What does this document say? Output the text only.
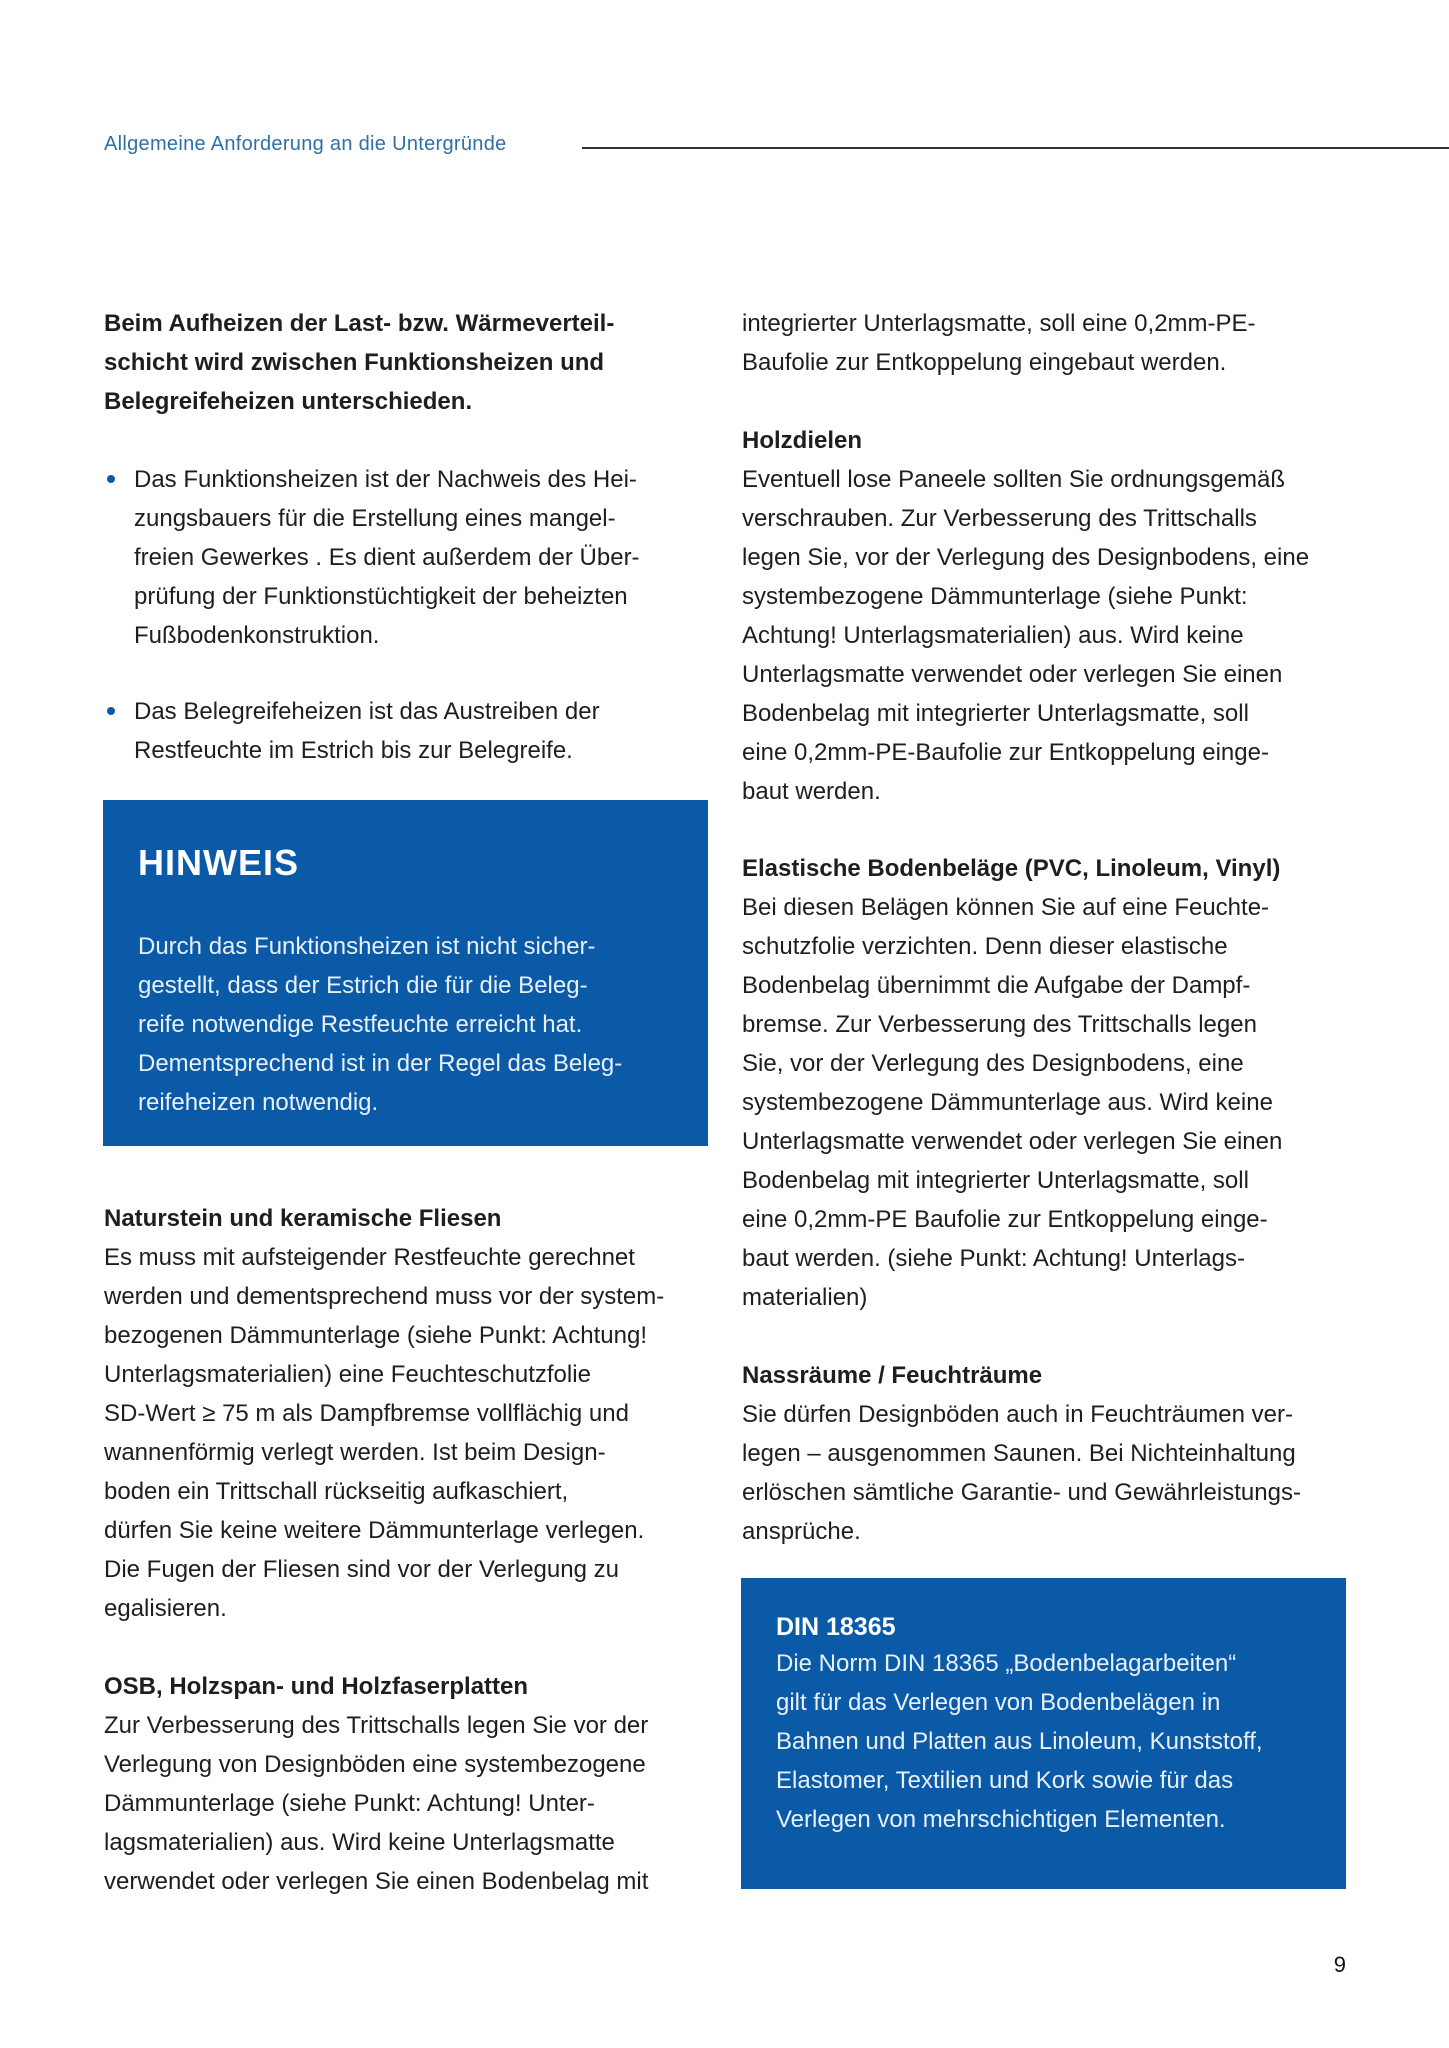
Allgemeine Anforderung an die Untergründe
Beim Aufheizen der Last- bzw. Wärmeverteil-
schicht wird zwischen Funktionsheizen und
Belegreifeheizen unterschieden.
Das Funktionsheizen ist der Nachweis des Hei-
zungsbauers für die Erstellung eines mangel-
freien Gewerkes . Es dient außerdem der Über-
prüfung der Funktionstüchtigkeit der beheizten
Fußbodenkonstruktion.
Das Belegreifeheizen ist das Austreiben der
Restfeuchte im Estrich bis zur Belegreife.
HINWEIS
Durch das Funktionsheizen ist nicht sicher-
gestellt, dass der Estrich die für die Beleg-
reife notwendige Restfeuchte erreicht hat.
Dementsprechend ist in der Regel das Beleg-
reifeheizen notwendig.
Naturstein und keramische Fliesen
Es muss mit aufsteigender Restfeuchte gerechnet
werden und dementsprechend muss vor der system-
bezogenen Dämmunterlage (siehe Punkt: Achtung!
Unterlagsmaterialien) eine Feuchteschutzfolie
SD-Wert ≥ 75 m als Dampfbremse vollflächig und
wannenförmig verlegt werden. Ist beim Design-
boden ein Trittschall rückseitig aufkaschiert,
dürfen Sie keine weitere Dämmunterlage verlegen.
Die Fugen der Fliesen sind vor der Verlegung zu
egalisieren.
OSB, Holzspan- und Holzfaserplatten
Zur Verbesserung des Trittschalls legen Sie vor der
Verlegung von Designböden eine systembezogene
Dämmunterlage (siehe Punkt: Achtung! Unter-
lagsmaterialien) aus. Wird keine Unterlagsmatte
verwendet oder verlegen Sie einen Bodenbelag mit
integrierter Unterlagsmatte, soll eine 0,2mm-PE-
Baufolie zur Entkoppelung eingebaut werden.
Holzdielen
Eventuell lose Paneele sollten Sie ordnungsgemäß
verschrauben. Zur Verbesserung des Trittschalls
legen Sie, vor der Verlegung des Designbodens, eine
systembezogene Dämmunterlage (siehe Punkt:
Achtung! Unterlagsmaterialien) aus. Wird keine
Unterlagsmatte verwendet oder verlegen Sie einen
Bodenbelag mit integrierter Unterlagsmatte, soll
eine 0,2mm-PE-Baufolie zur Entkoppelung einge-
baut werden.
Elastische Bodenbeläge (PVC, Linoleum, Vinyl)
Bei diesen Belägen können Sie auf eine Feuchte-
schutzfolie verzichten. Denn dieser elastische
Bodenbelag übernimmt die Aufgabe der Dampf-
bremse. Zur Verbesserung des Trittschalls legen
Sie, vor der Verlegung des Designbodens, eine
systembezogene Dämmunterlage aus. Wird keine
Unterlagsmatte verwendet oder verlegen Sie einen
Bodenbelag mit integrierter Unterlagsmatte, soll
eine 0,2mm-PE Baufolie zur Entkoppelung einge-
baut werden. (siehe Punkt: Achtung! Unterlags-
materialien)
Nassräume / Feuchträume
Sie dürfen Designböden auch in Feuchträumen ver-
legen – ausgenommen Saunen. Bei Nichteinhaltung
erlöschen sämtliche Garantie- und Gewährleistungs-
ansprüche.
DIN 18365
Die Norm DIN 18365 „Bodenbelagarbeiten“
gilt für das Verlegen von Bodenbelägen in
Bahnen und Platten aus Linoleum, Kunststoff,
Elastomer, Textilien und Kork sowie für das
Verlegen von mehrschichtigen Elementen.
9
